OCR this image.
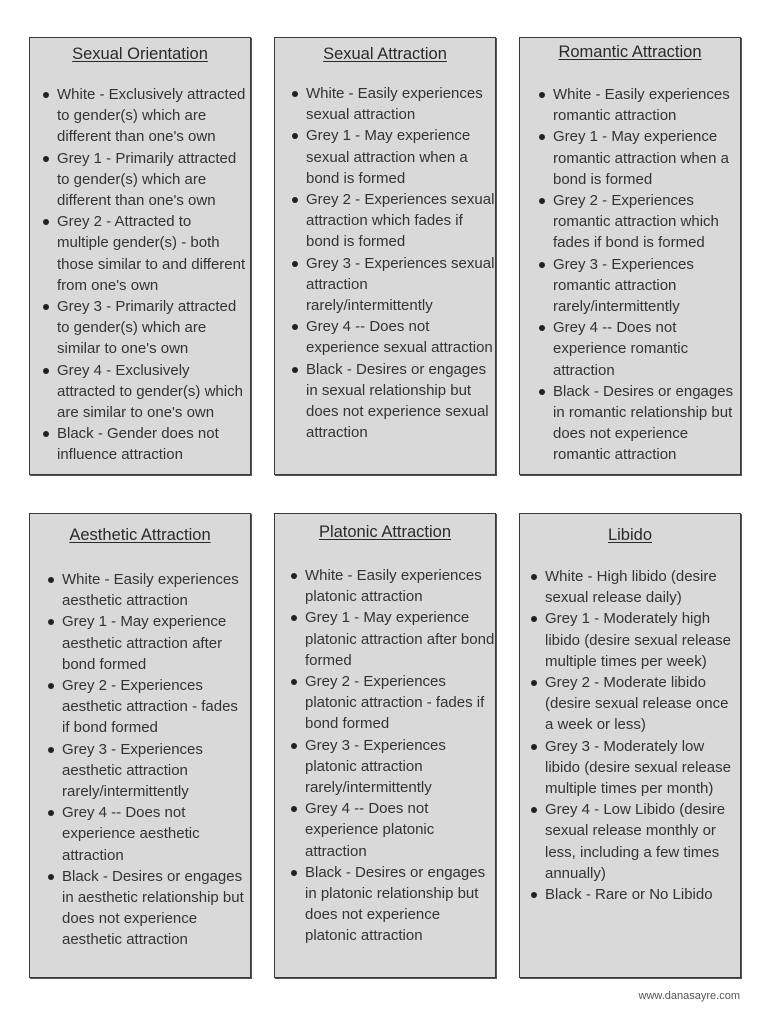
Sexual Orientation
White - Exclusively attracted to gender(s) which are different than one's own
Grey 1 - Primarily attracted to gender(s) which are different than one's own
Grey 2 - Attracted to multiple gender(s) - both those similar to and different from one's own
Grey 3 - Primarily attracted to gender(s) which are similar to one's own
Grey 4 - Exclusively attracted to gender(s) which are similar to one's own
Black - Gender does not influence attraction
Sexual Attraction
White - Easily experiences sexual attraction
Grey 1 - May experience sexual attraction when a bond is formed
Grey 2 - Experiences sexual attraction which fades if bond is formed
Grey 3 - Experiences sexual attraction rarely/intermittently
Grey 4 -- Does not experience sexual attraction
Black - Desires or engages in sexual relationship but does not experience sexual attraction
Romantic Attraction
White - Easily experiences romantic attraction
Grey 1 - May experience romantic attraction when a bond is formed
Grey 2 - Experiences romantic attraction which fades if bond is formed
Grey 3 - Experiences romantic attraction rarely/intermittently
Grey 4 -- Does not experience romantic attraction
Black - Desires or engages in romantic relationship but does not experience romantic attraction
Aesthetic Attraction
White - Easily experiences aesthetic attraction
Grey 1 - May experience aesthetic attraction after bond formed
Grey 2 - Experiences aesthetic attraction - fades if bond formed
Grey 3 - Experiences aesthetic attraction rarely/intermittently
Grey 4 -- Does not experience aesthetic attraction
Black - Desires or engages in aesthetic relationship but does not experience aesthetic attraction
Platonic Attraction
White - Easily experiences platonic attraction
Grey 1 - May experience platonic attraction after bond formed
Grey 2 - Experiences platonic attraction - fades if bond formed
Grey 3 - Experiences platonic attraction rarely/intermittently
Grey 4 -- Does not experience platonic attraction
Black - Desires or engages in platonic relationship but does not experience platonic attraction
Libido
White - High libido (desire sexual release daily)
Grey 1 - Moderately high libido (desire sexual release multiple times per week)
Grey 2 - Moderate libido (desire sexual release once a week or less)
Grey 3 - Moderately low libido (desire sexual release multiple times per month)
Grey 4 - Low Libido (desire sexual release monthly or less, including a few times annually)
Black - Rare or No Libido
www.danasayre.com
